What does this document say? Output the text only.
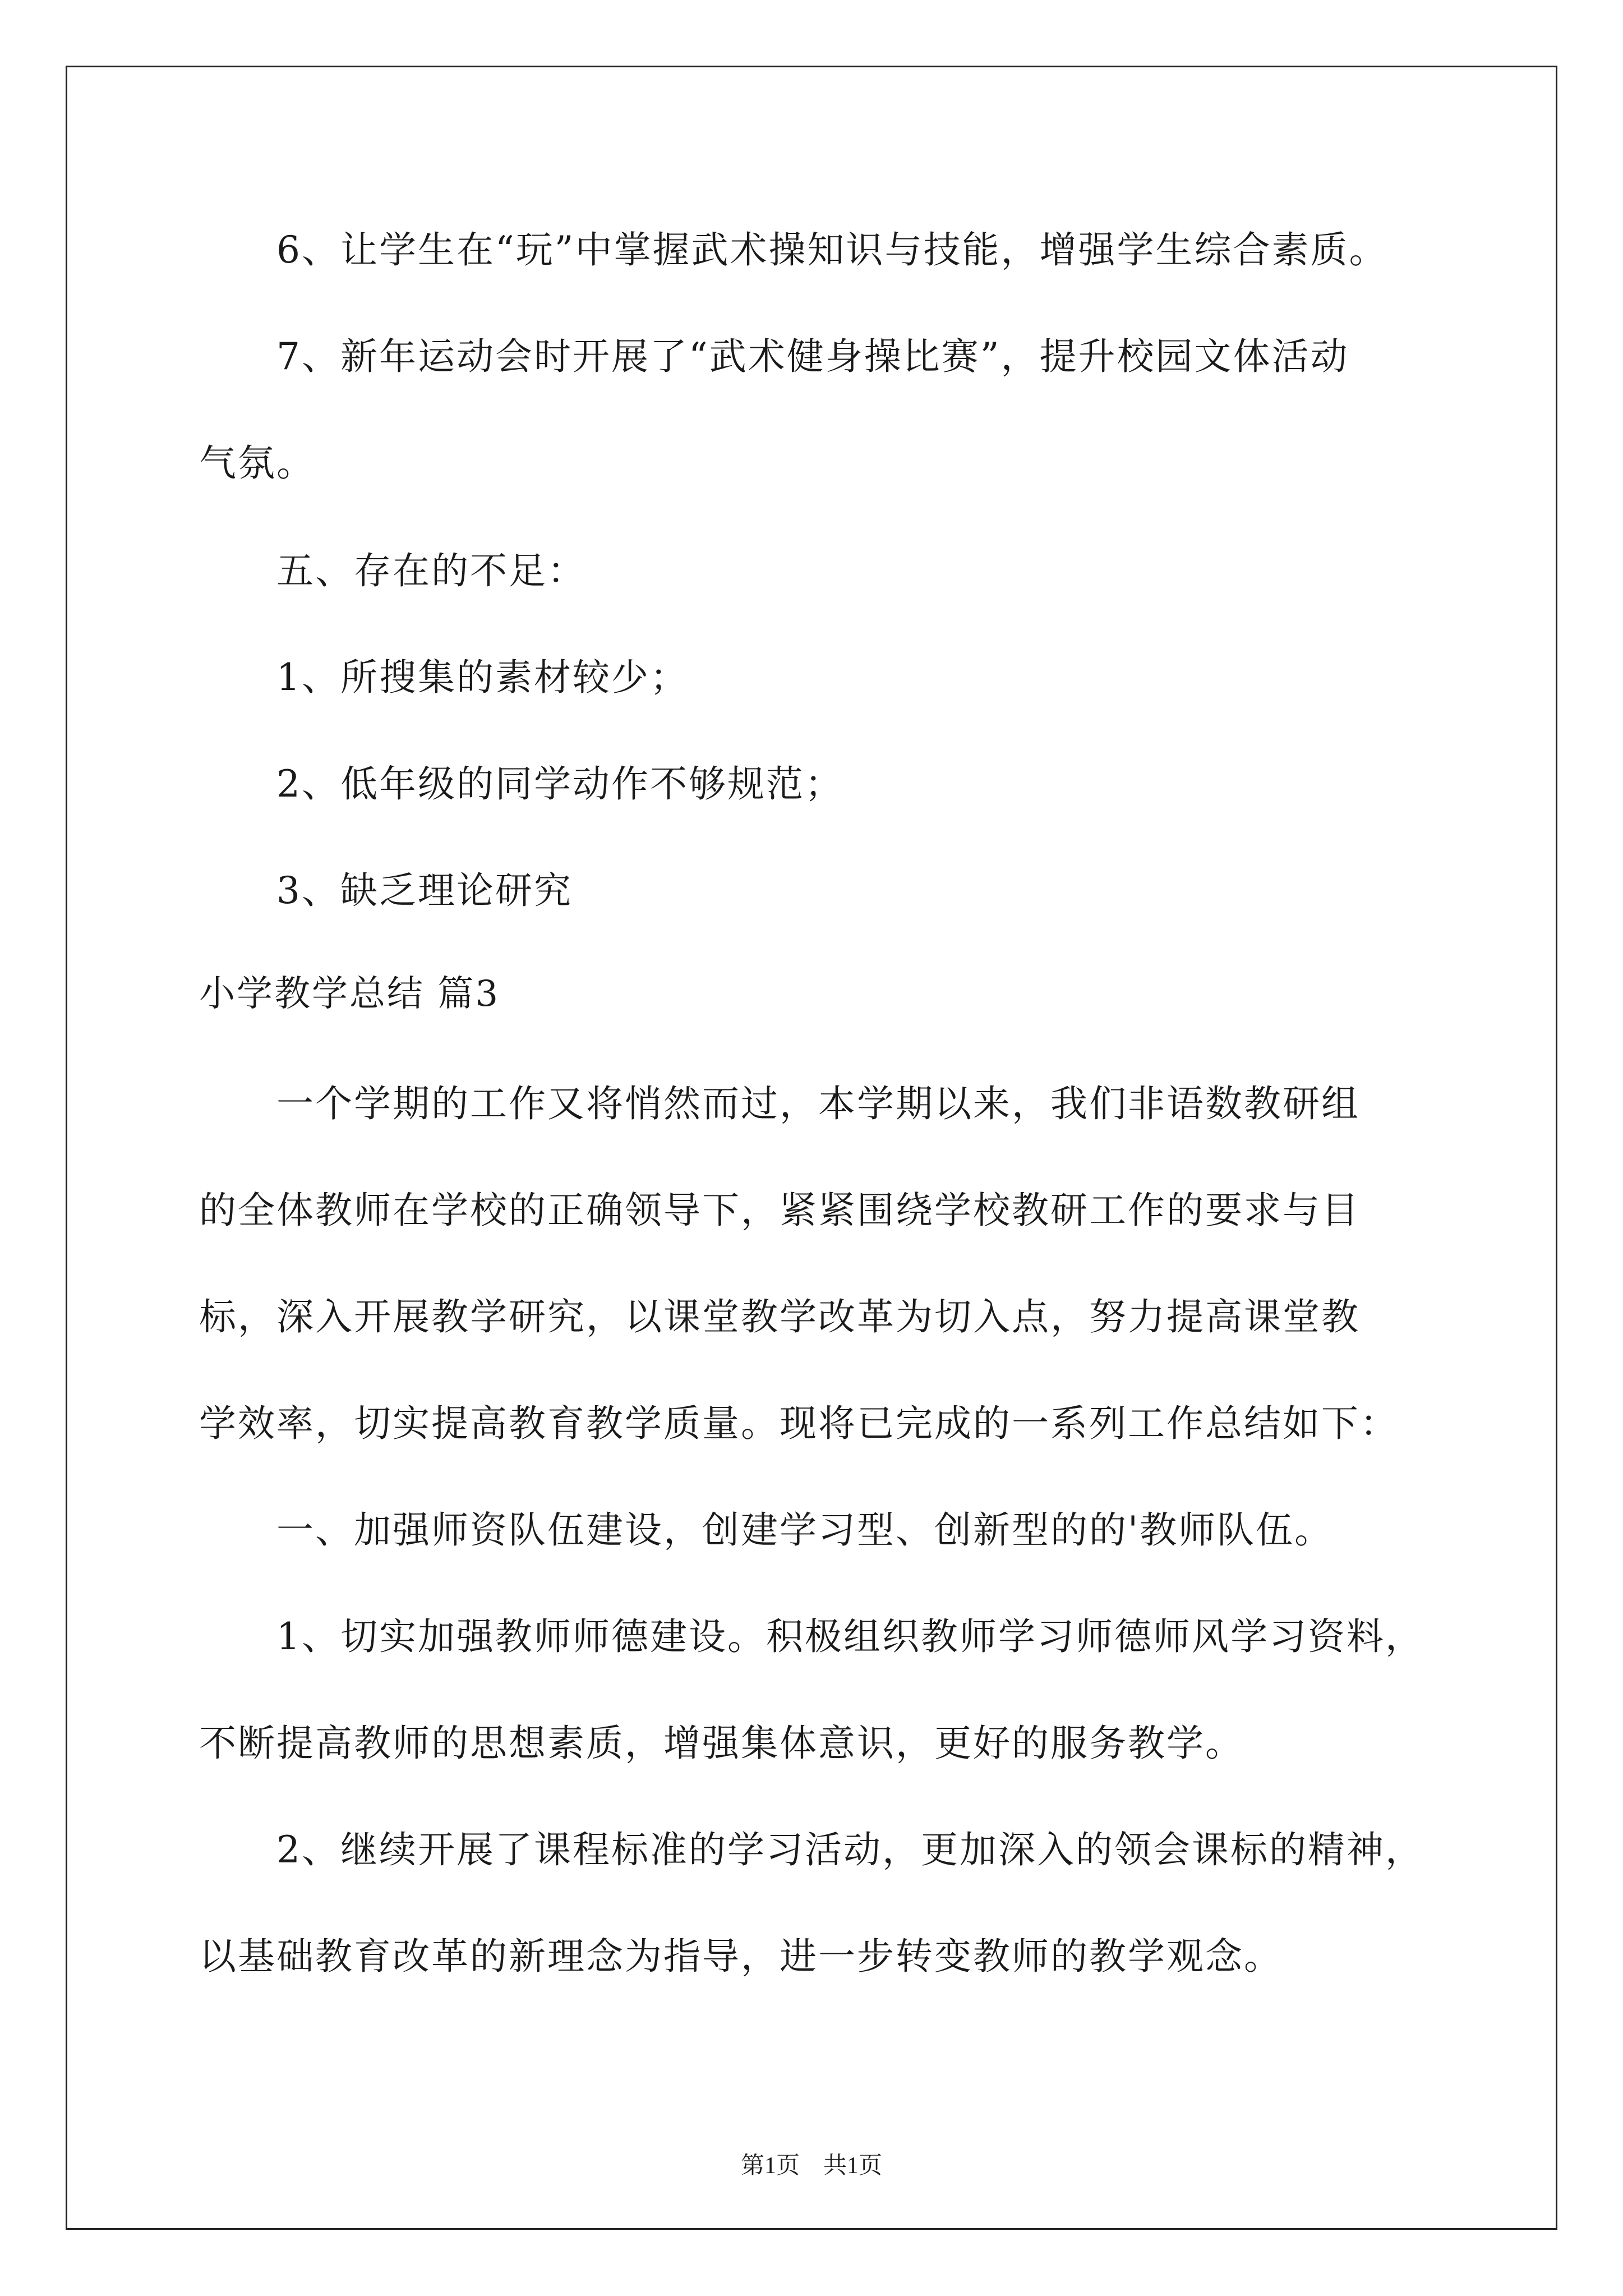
6、让学生在“玩”中掌握武术操知识与技能，增强学生综合素质。
7、新年运动会时开展了“武术健身操比赛”，提升校园文体活动
气氛。
五、存在的不足：
1、所搜集的素材较少；
2、低年级的同学动作不够规范；
3、缺乏理论研究
小学教学总结 篇3
一个学期的工作又将悄然而过，本学期以来，我们非语数教研组
的全体教师在学校的正确领导下，紧紧围绕学校教研工作的要求与目
标，深入开展教学研究，以课堂教学改革为切入点，努力提高课堂教
学效率，切实提高教育教学质量。现将已完成的一系列工作总结如下：
一、加强师资队伍建设，创建学习型、创新型的的'教师队伍。
1、切实加强教师师德建设。积极组织教师学习师德师风学习资料，
不断提高教师的思想素质，增强集体意识，更好的服务教学。
2、继续开展了课程标准的学习活动，更加深入的领会课标的精神，
以基础教育改革的新理念为指导，进一步转变教师的教学观念。
第1页　共1页
